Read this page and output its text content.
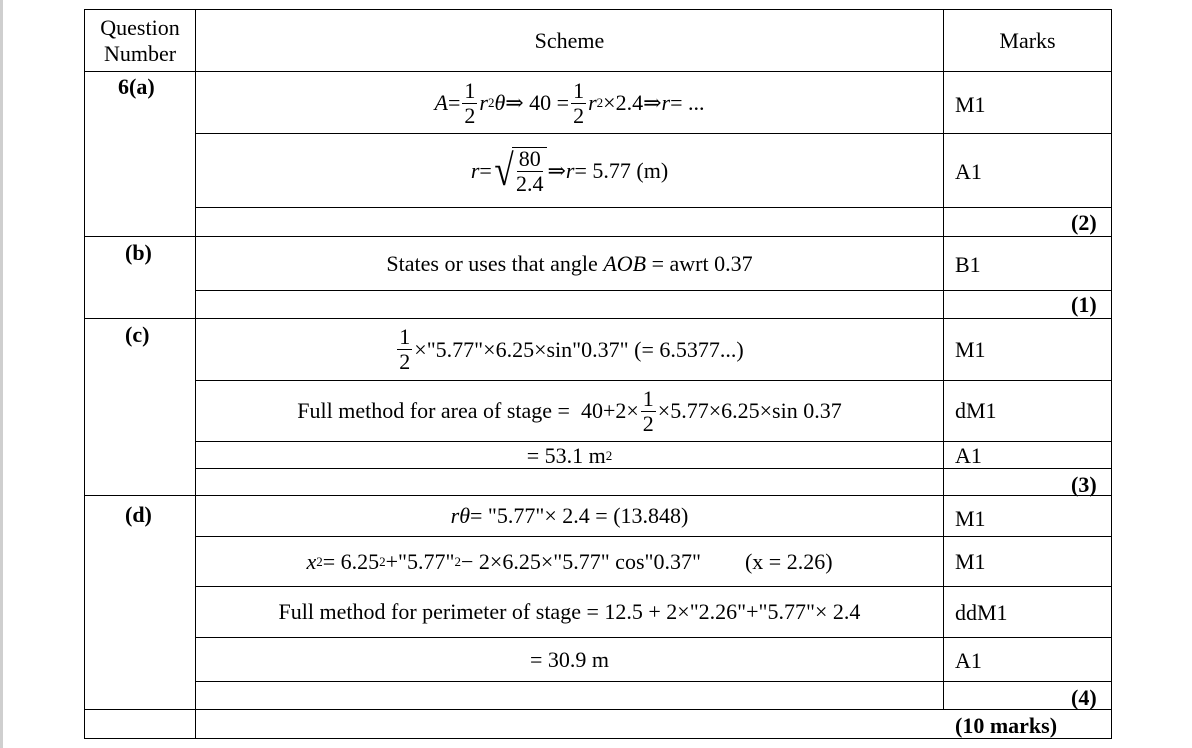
Question
Number
Scheme	Marks
6(a)
$A = \frac{1}{2}$ r 2 θ ⇒ $40 = \frac{1}{2}$ r 2 ×2.4⇒ r = ...	M1
r = √ $\frac{80}{2.4}$ ⇒ r = 5.77 (m)	A1
(2)
(b)	States or uses that angle
AOB
= awrt 0.37	B1
(1)
(c)	$\frac{1}{2}$ ×"5.77"×6.25×sin"0.37" (= 6.5377...)	M1
Full method for area of stage =
$40+2\times \frac{1}{2} \times 5.77\times 6.25\times\sin$ 0.37	dM1
= 53.1 m 2	A1
(3)
(d)	r θ = "5.77"× 2.4 = (13.848)	M1
x 2 = 6.25 2 +"5.77" 2 − 2×6.25×"5.77" cos"0.37" (x = 2.26)	M1
Full method for perimeter of stage =
12.5 + 2×"2.26"+"5.77"× 2.4	ddM1
= 30.9 m	A1
(4)
(10 marks)
